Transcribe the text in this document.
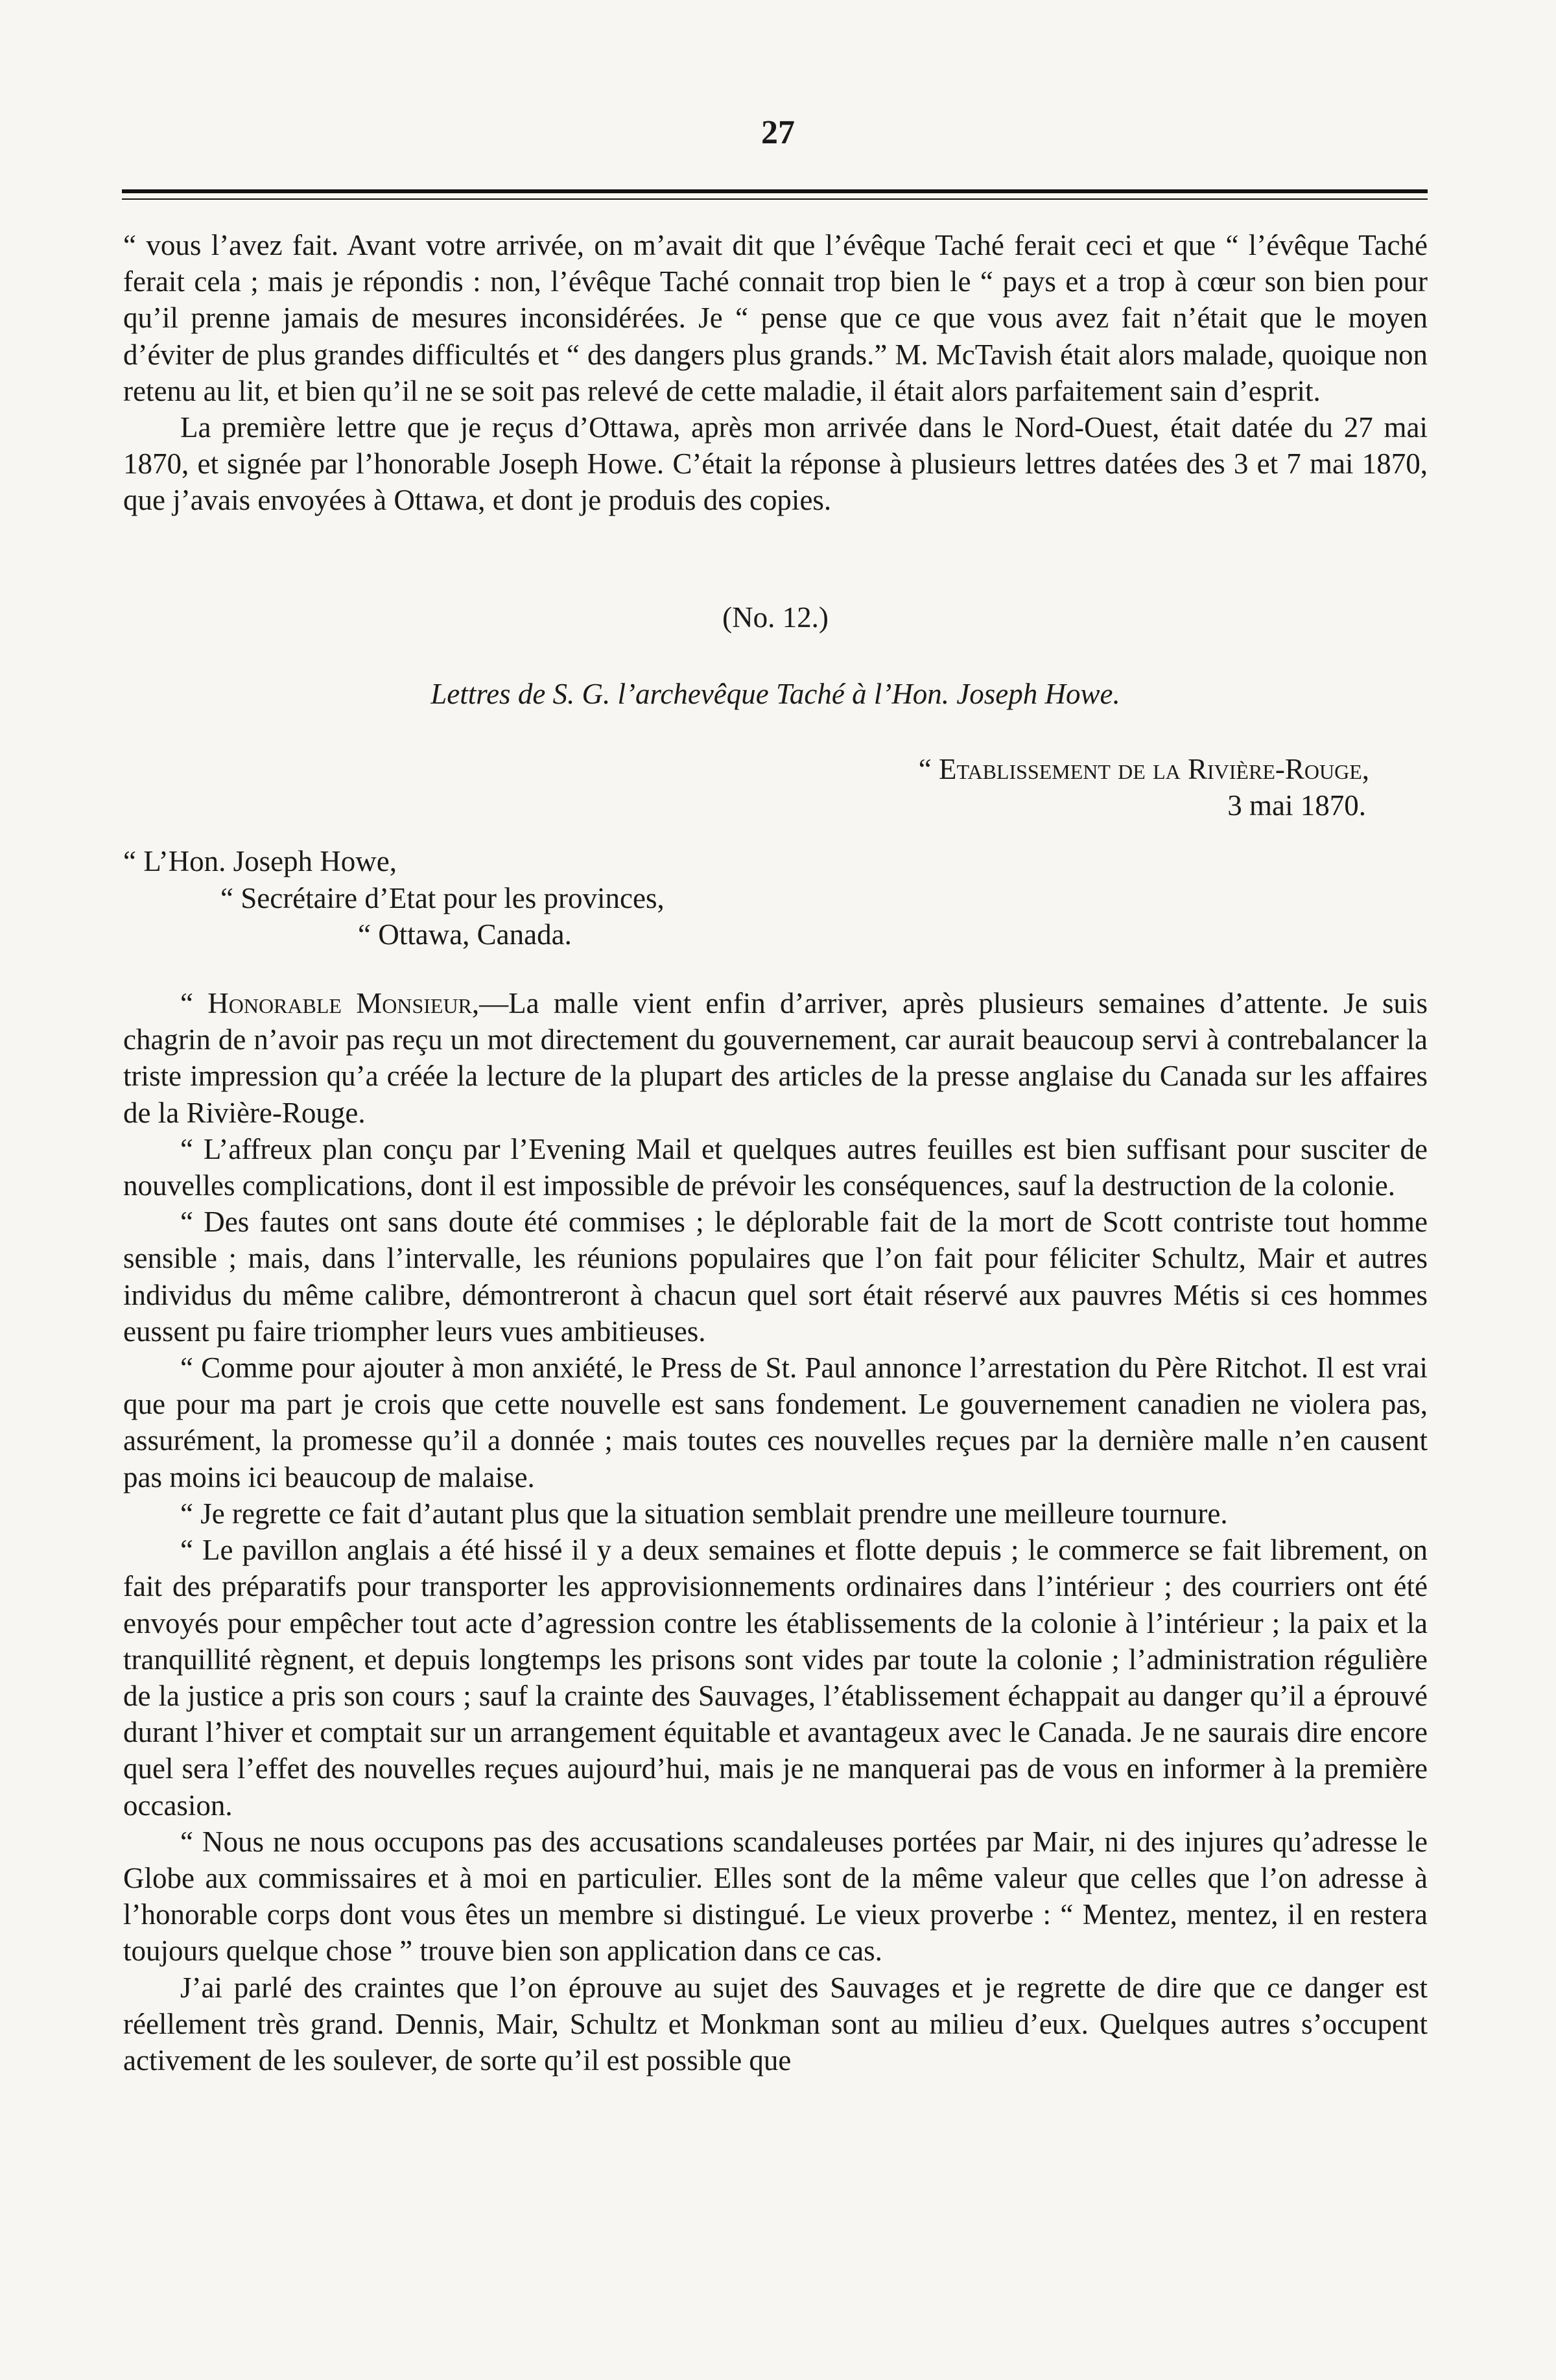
27

“ vous l’avez fait. Avant votre arrivée, on m’avait dit que l’évêque Taché ferait ceci et que “ l’évêque Taché ferait cela ; mais je répondis : non, l’évêque Taché connait trop bien le “ pays et a trop à cœur son bien pour qu’il prenne jamais de mesures inconsidérées. Je “ pense que ce que vous avez fait n’était que le moyen d’éviter de plus grandes difficultés et “ des dangers plus grands.” M. McTavish était alors malade, quoique non retenu au lit, et bien qu’il ne se soit pas relevé de cette maladie, il était alors parfaitement sain d’esprit.

La première lettre que je reçus d’Ottawa, après mon arrivée dans le Nord-Ouest, était datée du 27 mai 1870, et signée par l’honorable Joseph Howe. C’était la réponse à plusieurs lettres datées des 3 et 7 mai 1870, que j’avais envoyées à Ottawa, et dont je produis des copies.

(No. 12.)

Lettres de S. G. l’archevêque Taché à l’Hon. Joseph Howe.

“ Etablissement de la Rivière-Rouge,

3 mai 1870.

“ L’Hon. Joseph Howe,

“ Secrétaire d’Etat pour les provinces,

“ Ottawa, Canada.

“ Honorable Monsieur,—La malle vient enfin d’arriver, après plusieurs semaines d’attente. Je suis chagrin de n’avoir pas reçu un mot directement du gouvernement, car aurait beaucoup servi à contrebalancer la triste impression qu’a créée la lecture de la plupart des articles de la presse anglaise du Canada sur les affaires de la Rivière-Rouge.

“ L’affreux plan conçu par l’Evening Mail et quelques autres feuilles est bien suffisant pour susciter de nouvelles complications, dont il est impossible de prévoir les conséquences, sauf la destruction de la colonie.

“ Des fautes ont sans doute été commises ; le déplorable fait de la mort de Scott contriste tout homme sensible ; mais, dans l’intervalle, les réunions populaires que l’on fait pour féliciter Schultz, Mair et autres individus du même calibre, démontreront à chacun quel sort était réservé aux pauvres Métis si ces hommes eussent pu faire triompher leurs vues ambitieuses.

“ Comme pour ajouter à mon anxiété, le Press de St. Paul annonce l’arrestation du Père Ritchot. Il est vrai que pour ma part je crois que cette nouvelle est sans fondement. Le gouvernement canadien ne violera pas, assurément, la promesse qu’il a donnée ; mais toutes ces nouvelles reçues par la dernière malle n’en causent pas moins ici beaucoup de malaise.

“ Je regrette ce fait d’autant plus que la situation semblait prendre une meilleure tournure.

“ Le pavillon anglais a été hissé il y a deux semaines et flotte depuis ; le commerce se fait librement, on fait des préparatifs pour transporter les approvisionnements ordinaires dans l’intérieur ; des courriers ont été envoyés pour empêcher tout acte d’agression contre les établissements de la colonie à l’intérieur ; la paix et la tranquillité règnent, et depuis longtemps les prisons sont vides par toute la colonie ; l’administration régulière de la justice a pris son cours ; sauf la crainte des Sauvages, l’établissement échappait au danger qu’il a éprouvé durant l’hiver et comptait sur un arrangement équitable et avantageux avec le Canada. Je ne saurais dire encore quel sera l’effet des nouvelles reçues aujourd’hui, mais je ne manquerai pas de vous en informer à la première occasion.

“ Nous ne nous occupons pas des accusations scandaleuses portées par Mair, ni des injures qu’adresse le Globe aux commissaires et à moi en particulier. Elles sont de la même valeur que celles que l’on adresse à l’honorable corps dont vous êtes un membre si distingué. Le vieux proverbe : “ Mentez, mentez, il en restera toujours quelque chose ” trouve bien son application dans ce cas.

J’ai parlé des craintes que l’on éprouve au sujet des Sauvages et je regrette de dire que ce danger est réellement très grand. Dennis, Mair, Schultz et Monkman sont au milieu d’eux. Quelques autres s’occupent activement de les soulever, de sorte qu’il est possible que
